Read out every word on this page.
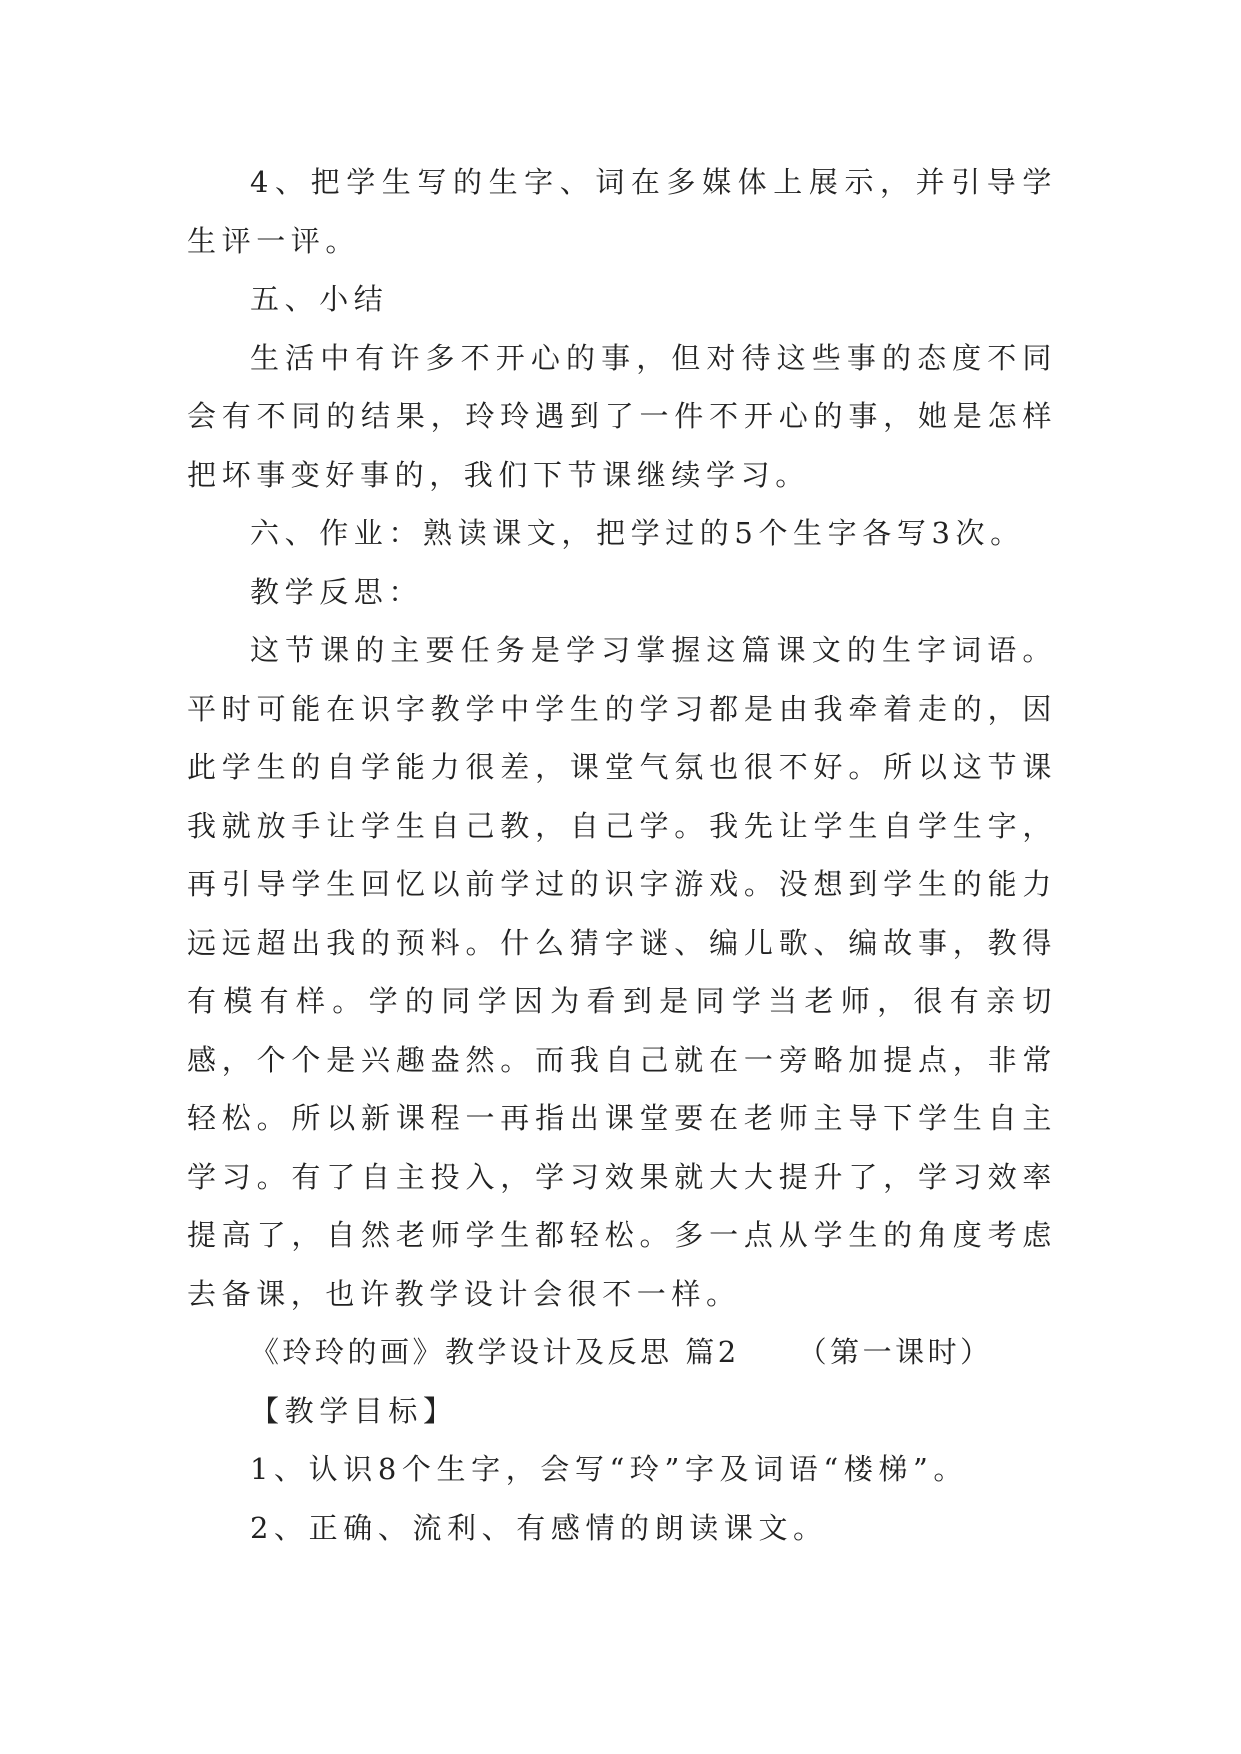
4、把学生写的生字、词在多媒体上展示，并引导学生评一评。

五、小结

生活中有许多不开心的事，但对待这些事的态度不同会有不同的结果，玲玲遇到了一件不开心的事，她是怎样把坏事变好事的，我们下节课继续学习。

六、作业：熟读课文，把学过的5个生字各写3次。

教学反思：

这节课的主要任务是学习掌握这篇课文的生字词语。平时可能在识字教学中学生的学习都是由我牵着走的，因此学生的自学能力很差，课堂气氛也很不好。所以这节课我就放手让学生自己教，自己学。我先让学生自学生字，再引导学生回忆以前学过的识字游戏。没想到学生的能力远远超出我的预料。什么猜字谜、编儿歌、编故事，教得有模有样。学的同学因为看到是同学当老师，很有亲切感，个个是兴趣盎然。而我自己就在一旁略加提点，非常轻松。所以新课程一再指出课堂要在老师主导下学生自主学习。有了自主投入，学习效果就大大提升了，学习效率提高了，自然老师学生都轻松。多一点从学生的角度考虑去备课，也许教学设计会很不一样。

《玲玲的画》教学设计及反思 篇2 （第一课时）

【教学目标】

1、认识8个生字，会写“玲”字及词语“楼梯”。

2、正确、流利、有感情的朗读课文。
